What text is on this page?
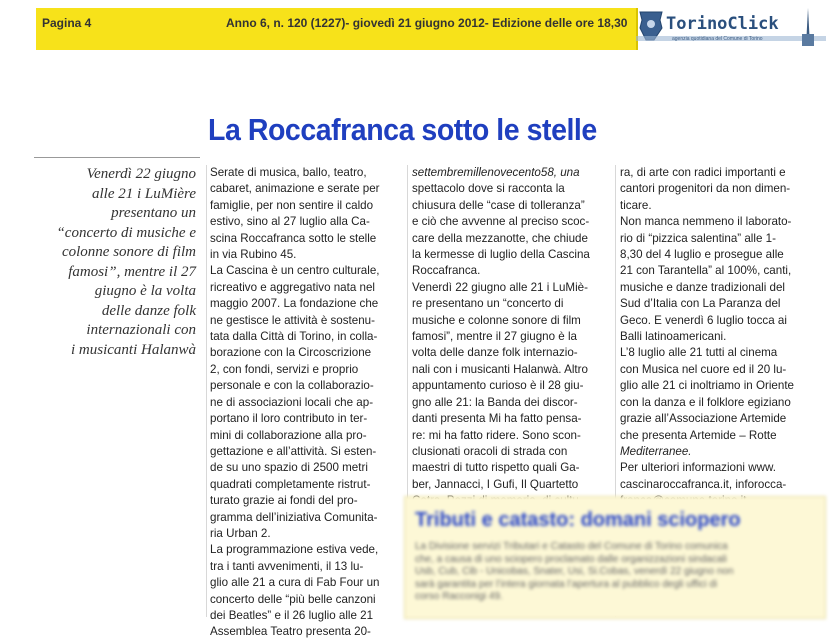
Pagina 4	Anno 6, n. 120 (1227)- giovedì 21 giugno 2012- Edizione delle ore 18,30 TorinoClick
agenzia quotidiana del Comune di Torino
La Roccafranca sotto le stelle
Venerdì 22 giugno
alle 21 i LuMière
presentano un
“concerto di musiche e
colonne sonore di film
famosi”, mentre il 27
giugno è la volta
delle danze folk
internazionali con
i musicanti Halanwà
Serate di musica, ballo, teatro,
cabaret, animazione e serate per
famiglie, per non sentire il caldo
estivo, sino al 27 luglio alla Ca-
scina Roccafranca sotto le stelle
in via Rubino 45.
La Cascina è un centro culturale,
ricreativo e aggregativo nata nel
maggio 2007. La fondazione che
ne gestisce le attività è sostenu-
tata dalla Città di Torino, in colla-
borazione con la Circoscrizione
2, con fondi, servizi e proprio
personale e con la collaborazio-
ne di associazioni locali che ap-
portano il loro contributo in ter-
mini di collaborazione alla pro-
gettazione e all’attività. Si esten-
de su uno spazio di 2500 metri
quadrati completamente ristrut-
turato grazie ai fondi del pro-
gramma dell’iniziativa Comunita-
ria Urban 2.
La programmazione estiva vede,
tra i tanti avvenimenti, il 13 lu-
glio alle 21 a cura di Fab Four un
concerto delle “più belle canzoni
dei Beatles” e il 26 luglio alle 21
Assemblea Teatro presenta 20-
settembremillenovecento58, una
spettacolo dove si racconta la
chiusura delle “case di tolleranza”
e ciò che avvenne al preciso scoc-
care della mezzanotte, che chiude
la kermesse di luglio della Cascina
Roccafranca.
Venerdì 22 giugno alle 21 i LuMiè-
re presentano un “concerto di
musiche e colonne sonore di film
famosi”, mentre il 27 giugno è la
volta delle danze folk internazio-
nali con i musicanti Halanwà. Altro
appuntamento curioso è il 28 giu-
gno alle 21: la Banda dei discor-
danti presenta Mi ha fatto pensa-
re: mi ha fatto ridere. Sono scon-
clusionati oracoli di strada con
maestri di tutto rispetto quali Ga-
ber, Jannacci, I Gufi, Il Quartetto
ra, di arte con radici importanti e
cantori progenitori da non dimen-
ticare.
Non manca nemmeno il laborato-
rio di “pizzica salentina” alle 1-
8,30 del 4 luglio e prosegue alle
21 con Tarantella” al 100%, canti,
musiche e danze tradizionali del
Sud d’Italia con La Paranza del
Geco. E venerdì 6 luglio tocca ai
Balli latinoamericani.
L’8 luglio alle 21 tutti al cinema
con Musica nel cuore ed il 20 lu-
glio alle 21 ci inoltriamo in Oriente
con la danza e il folklore egiziano
grazie all’Associazione Artemide
che presenta Artemide – Rotte
Mediterranee.
Per ulteriori informazioni www.
cascinaroccafranca.it, inforocca-
Tributi e catasto: domani sciopero
La Divisione servizi Tributari e Catasto del Comune di Torino comunica
che, a causa di uno sciopero proclamato dalle organizzazioni sindacali
Usb, Cub, Cib - Unicobas, Snater, Usi, Si.Cobas, venerdì 22 giugno non
sarà garantita per l’intera giornata l’apertura al pubblico degli uffici di
corso Racconigi 49.
